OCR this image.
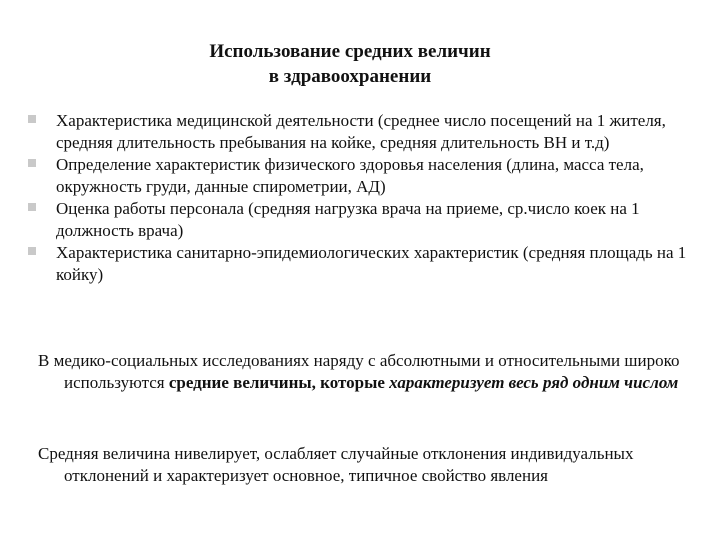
Использование средних величин
в здравоохранении
Характеристика медицинской деятельности (среднее число посещений на 1 жителя, средняя длительность пребывания на койке, средняя длительность ВН и т.д)
Определение характеристик физического здоровья населения (длина, масса тела, окружность груди, данные спирометрии, АД)
Оценка работы персонала (средняя нагрузка врача на приеме, ср.число коек на 1 должность врача)
Характеристика санитарно-эпидемиологических характеристик (средняя площадь на 1 койку)
В медико-социальных исследованиях наряду с абсолютными и относительными широко используются средние величины, которые характеризует весь ряд одним числом
Средняя величина нивелирует, ослабляет случайные отклонения индивидуальных отклонений и характеризует основное, типичное свойство явления
